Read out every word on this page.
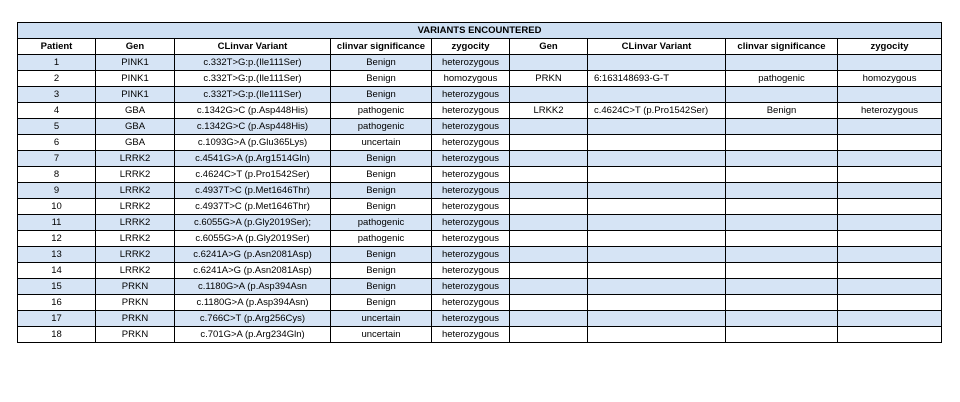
VARIANTS ENCOUNTERED								
Patient	Gen	CLinvar Variant	clinvar significance	zygocity	Gen	CLinvar Variant	clinvar significance	zygocity
1	PINK1	c.332T>G:p.(Ile111Ser)	Benign	heterozygous				
2	PINK1	c.332T>G:p.(Ile111Ser)	Benign	homozygous	PRKN	6:163148693-G-T	pathogenic	homozygous
3	PINK1	c.332T>G:p.(Ile111Ser)	Benign	heterozygous				
4	GBA	c.1342G>C (p.Asp448His)	pathogenic	heterozygous	LRKK2	c.4624C>T (p.Pro1542Ser)	Benign	heterozygous
5	GBA	c.1342G>C (p.Asp448His)	pathogenic	heterozygous				
6	GBA	c.1093G>A (p.Glu365Lys)	uncertain	heterozygous				
7	LRRK2	c.4541G>A (p.Arg1514Gln)	Benign	heterozygous				
8	LRRK2	c.4624C>T (p.Pro1542Ser)	Benign	heterozygous				
9	LRRK2	c.4937T>C (p.Met1646Thr)	Benign	heterozygous				
10	LRRK2	c.4937T>C (p.Met1646Thr)	Benign	heterozygous				
11	LRRK2	c.6055G>A (p.Gly2019Ser);	pathogenic	heterozygous				
12	LRRK2	c.6055G>A (p.Gly2019Ser)	pathogenic	heterozygous				
13	LRRK2	c.6241A>G (p.Asn2081Asp)	Benign	heterozygous				
14	LRRK2	c.6241A>G (p.Asn2081Asp)	Benign	heterozygous				
15	PRKN	c.1180G>A (p.Asp394Asn	Benign	heterozygous				
16	PRKN	c.1180G>A (p.Asp394Asn)	Benign	heterozygous				
17	PRKN	c.766C>T (p.Arg256Cys)	uncertain	heterozygous				
18	PRKN	c.701G>A (p.Arg234Gln)	uncertain	heterozygous				
